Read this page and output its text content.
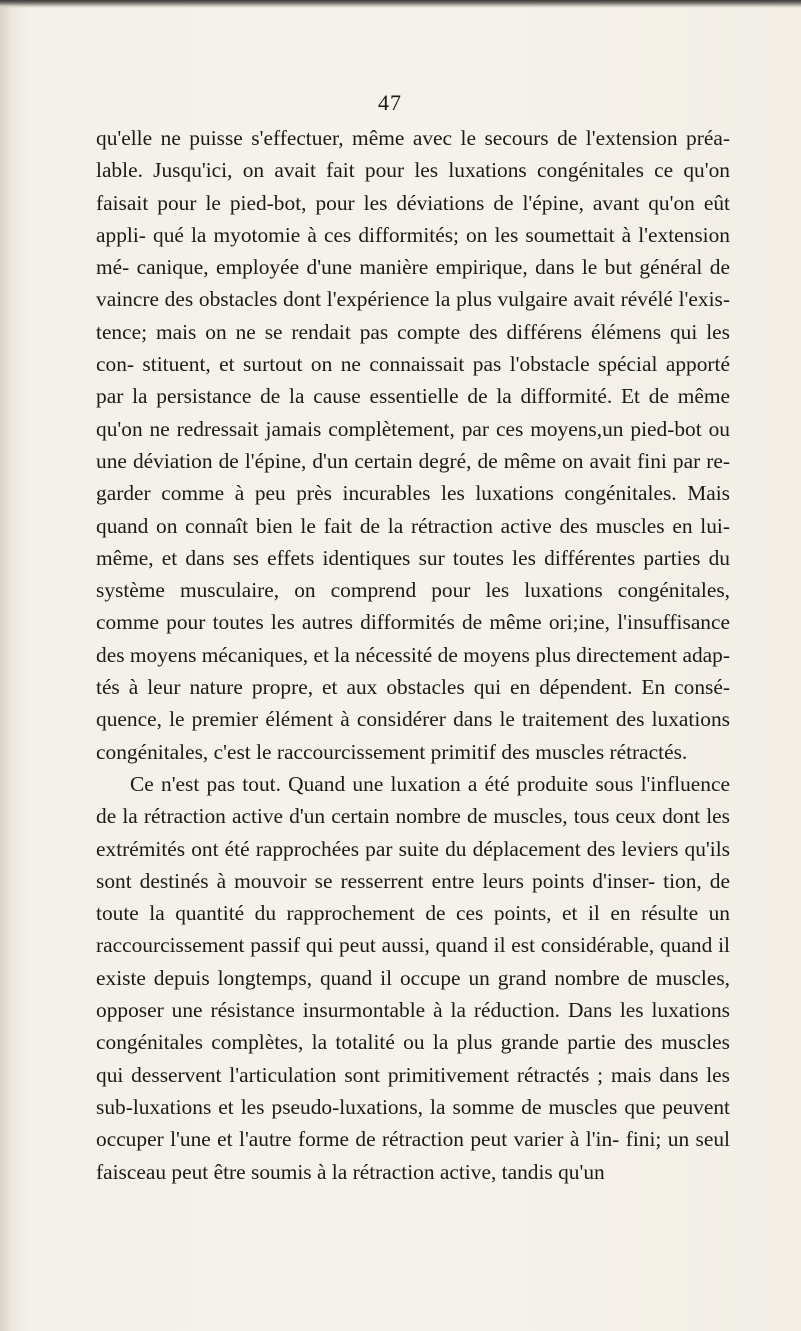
47

qu'elle ne puisse s'effectuer, même avec le secours de l'extension préa- lable. Jusqu'ici, on avait fait pour les luxations congénitales ce qu'on faisait pour le pied-bot, pour les déviations de l'épine, avant qu'on eût appli- qué la myotomie à ces difformités; on les soumettait à l'extension mé- canique, employée d'une manière empirique, dans le but général de vaincre des obstacles dont l'expérience la plus vulgaire avait révélé l'exis- tence; mais on ne se rendait pas compte des différens élémens qui les con- stituent, et surtout on ne connaissait pas l'obstacle spécial apporté par la persistance de la cause essentielle de la difformité. Et de même qu'on ne redressait jamais complètement, par ces moyens,un pied-bot ou une déviation de l'épine, d'un certain degré, de même on avait fini par re- garder comme à peu près incurables les luxations congénitales. Mais quand on connaît bien le fait de la rétraction active des muscles en lui- même, et dans ses effets identiques sur toutes les différentes parties du système musculaire, on comprend pour les luxations congénitales, comme pour toutes les autres difformités de même ori;ine, l'insuffisance des moyens mécaniques, et la nécessité de moyens plus directement adap- tés à leur nature propre, et aux obstacles qui en dépendent. En consé- quence, le premier élément à considérer dans le traitement des luxations congénitales, c'est le raccourcissement primitif des muscles rétractés.

Ce n'est pas tout. Quand une luxation a été produite sous l'influence de la rétraction active d'un certain nombre de muscles, tous ceux dont les extrémités ont été rapprochées par suite du déplacement des leviers qu'ils sont destinés à mouvoir se resserrent entre leurs points d'inser- tion, de toute la quantité du rapprochement de ces points, et il en résulte un raccourcissement passif qui peut aussi, quand il est considérable, quand il existe depuis longtemps, quand il occupe un grand nombre de muscles, opposer une résistance insurmontable à la réduction. Dans les luxations congénitales complètes, la totalité ou la plus grande partie des muscles qui desservent l'articulation sont primitivement rétractés ; mais dans les sub-luxations et les pseudo-luxations, la somme de muscles que peuvent occuper l'une et l'autre forme de rétraction peut varier à l'in- fini; un seul faisceau peut être soumis à la rétraction active, tandis qu'un
